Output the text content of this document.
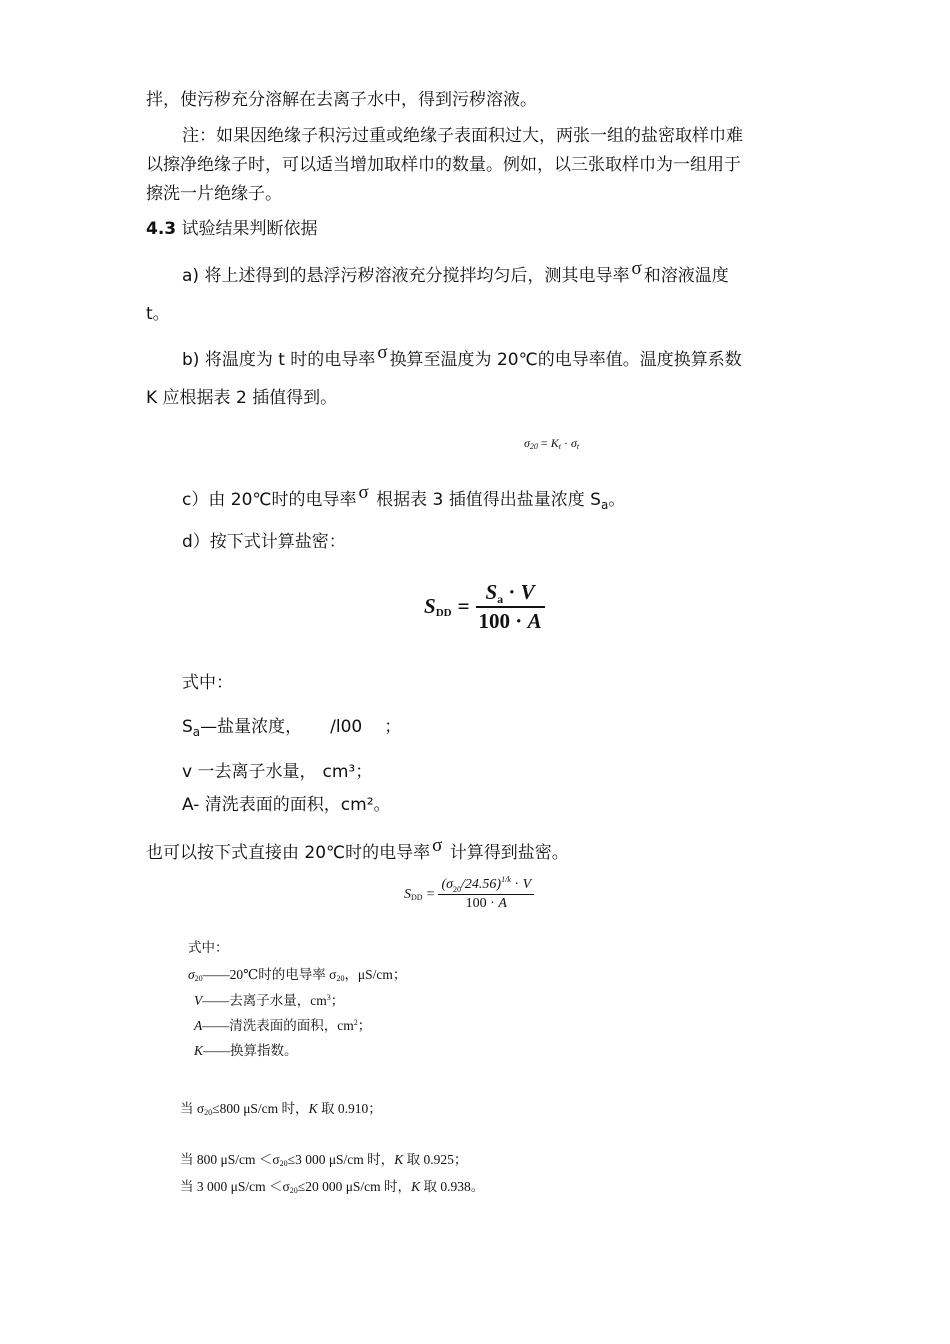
拌，使污秽充分溶解在去离子水中，得到污秽溶液。
注：如果因绝缘子积污过重或绝缘子表面积过大，两张一组的盐密取样巾难
以擦净绝缘子时，可以适当增加取样巾的数量。例如，以三张取样巾为一组用于
擦洗一片绝缘子。
4.3 试验结果判断依据
a) 将上述得到的悬浮污秽溶液充分搅拌均匀后，测其电导率 σ 和溶液温度
t。
b) 将温度为 t 时的电导率 σ 换算至温度为 20℃的电导率值。温度换算系数
K 应根据表 2 插值得到。
$\sigma_{20} = K_t \cdot \sigma_t$
c）由 20℃时的电导率 σ 根据表 3 插值得出盐量浓度 $S_a$。
d）按下式计算盐密：
$S_{DD} = \frac{S_a \cdot V}{100 \cdot A}$
式中：
$S_a—$盐量浓度， /l00 ；
v 一去离子水量， cm³；
A- 清洗表面的面积，cm²。
也可以按下式直接由 20℃时的电导率 σ 计算得到盐密。
$S_{DD} = \frac{(\sigma_{20}/24.56)^{1/k} \cdot V}{100 \cdot A}$
式中：
$\sigma_{20}——20℃$时的电导率 $\sigma_{20}$，μS/cm；
V——去离子水量，$cm^3$；
A——清洗表面的面积，$cm^2$；
K——换算指数。
当 $\sigma_{20}\le 800$ μS/cm 时，K 取 0.910；
当 800 $\mu S/cm <\sigma_{20}\le 3$ 000 μS/cm 时，K 取 0.925；
当 3 000 $\mu S/cm <\sigma_{20}\le 20$ 000 μS/cm 时，K 取 0.938。
